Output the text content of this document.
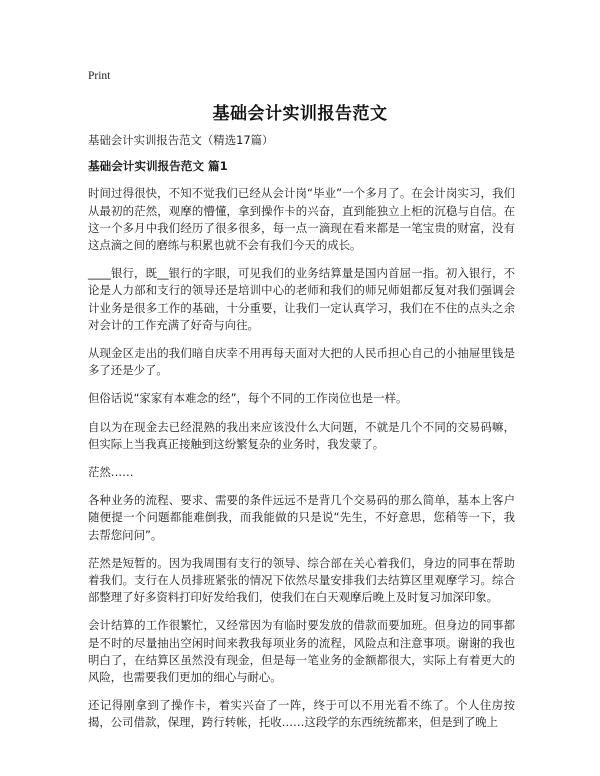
Print
基础会计实训报告范文

基础会计实训报告范文（精选17篇）

基础会计实训报告范文 篇1

时间过得很快，不知不觉我们已经从会计岗“毕业”一个多月了。在会计岗实习，我们从最初的茫然，观摩的懵懂，拿到操作卡的兴奋，直到能独立上柜的沉稳与自信。在这一个多月中我们经历了很多很多，每一点一滴现在看来都是一笔宝贵的财富，没有这点滴之间的磨练与积累也就不会有我们今天的成长。

____银行，既__银行的字眼，可见我们的业务结算量是国内首屈一指。初入银行，不论是人力部和支行的领导还是培训中心的老师和我们的师兄师姐都反复对我们强调会计业务是很多工作的基础，十分重要，让我们一定认真学习，我们在不住的点头之余对会计的工作充满了好奇与向往。

从现金区走出的我们暗自庆幸不用再每天面对大把的人民币担心自己的小抽屉里钱是多了还是少了。

但俗话说“家家有本难念的经”，每个不同的工作岗位也是一样。

自以为在现金去已经混熟的我出来应该没什么大问题，不就是几个不同的交易码嘛，但实际上当我真正接触到这纷繁复杂的业务时，我发蒙了。

茫然……

各种业务的流程、要求、需要的条件远远不是背几个交易码的那么简单，基本上客户随便提一个问题都能难倒我，而我能做的只是说“先生，不好意思，您稍等一下，我去帮您问问”。

茫然是短暂的。因为我周围有支行的领导、综合部在关心着我们，身边的同事在帮助着我们。支行在人员排班紧张的情况下依然尽量安排我们去结算区里观摩学习。综合部整理了好多资料打印好发给我们，使我们在白天观摩后晚上及时复习加深印象。

会计结算的工作很繁忙，又经常因为有临时要发放的借款而要加班。但身边的同事都是不时的尽量抽出空闲时间来教我每项业务的流程，风险点和注意事项。谢谢的我也明白了，在结算区虽然没有现金，但是每一笔业务的金额都很大，实际上有着更大的风险，也需要我们更加的细心与耐心。

还记得刚拿到了操作卡，着实兴奋了一阵，终于可以不用光看不练了。个人住房按揭，公司借款，保理，跨行转帐，托收……这段学的东西统统都来，但是到了晚上
